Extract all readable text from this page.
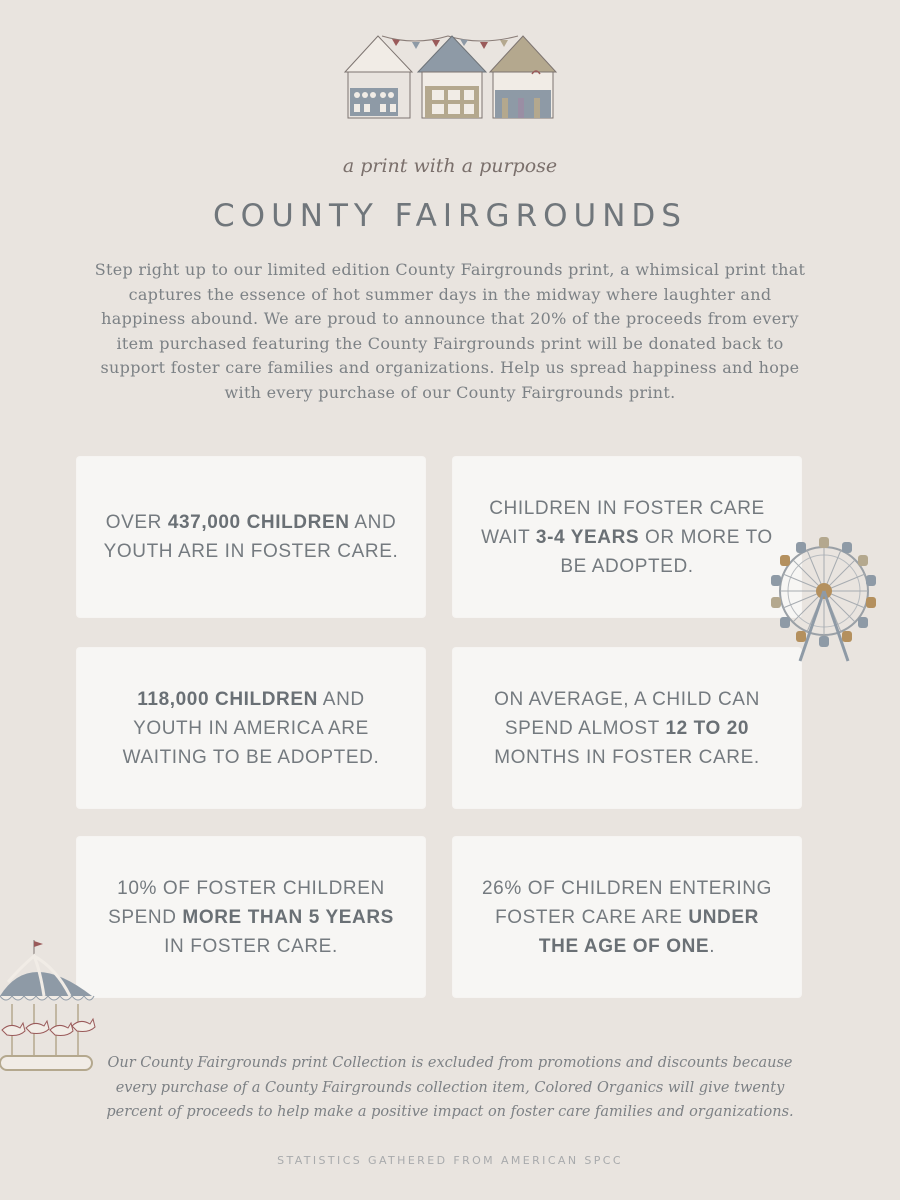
a print with a purpose
COUNTY FAIRGROUNDS
Step right up to our limited edition County Fairgrounds print, a whimsical print that captures the essence of hot summer days in the midway where laughter and happiness abound. We are proud to announce that 20% of the proceeds from every item purchased featuring the County Fairgrounds print will be donated back to support foster care families and organizations. Help us spread happiness and hope with every purchase of our County Fairgrounds print.
OVER 437,000 CHILDREN AND YOUTH ARE IN FOSTER CARE.
CHILDREN IN FOSTER CARE WAIT 3-4 YEARS OR MORE TO BE ADOPTED.
118,000 CHILDREN AND YOUTH IN AMERICA ARE WAITING TO BE ADOPTED.
ON AVERAGE, A CHILD CAN SPEND ALMOST 12 TO 20 MONTHS IN FOSTER CARE.
10% OF FOSTER CHILDREN SPEND MORE THAN 5 YEARS IN FOSTER CARE.
26% OF CHILDREN ENTERING FOSTER CARE ARE UNDER THE AGE OF ONE.
Our County Fairgrounds print Collection is excluded from promotions and discounts because every purchase of a County Fairgrounds collection item, Colored Organics will give twenty percent of proceeds to help make a positive impact on foster care families and organizations.
STATISTICS GATHERED FROM AMERICAN SPCC
